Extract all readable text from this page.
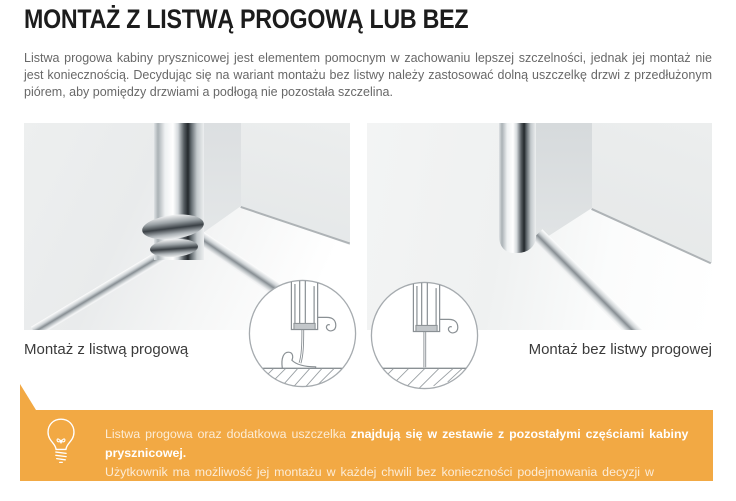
MONTAŻ Z LISTWĄ PROGOWĄ LUB BEZ

Listwa progowa kabiny prysznicowej jest elementem pomocnym w zachowaniu lepszej szczelności, jednak jej montaż nie jest koniecznością. Decydując się na wariant montażu bez listwy należy zastosować dolną uszczelkę drzwi z przedłużonym piórem, aby pomiędzy drzwiami a podłogą nie pozostała szczelina.

Montaż z listwą progową	Montaż bez listwy progowej
Listwa progowa oraz dodatkowa uszczelka znajdują się w zestawie z pozostałymi częściami kabiny prysznicowej.
Użytkownik ma możliwość jej montażu w każdej chwili bez konieczności podejmowania decyzji w momencie zakupu.
